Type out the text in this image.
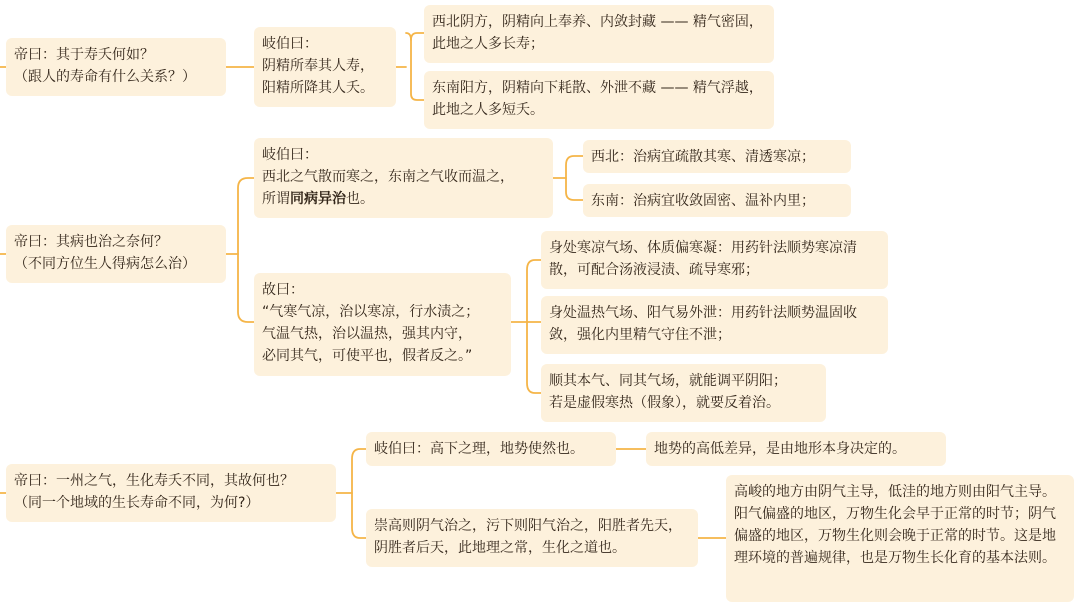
帝曰：其于寿夭何如？
（跟人的寿命有什么关系？）
岐伯曰：
阴精所奉其人寿，
阳精所降其人夭。
西北阴方，阴精向上奉养、内敛封藏 —— 精气密固，此地之人多长寿；
东南阳方，阴精向下耗散、外泄不藏 —— 精气浮越，此地之人多短夭。
帝曰：其病也治之奈何？
（不同方位生人得病怎么治）
岐伯曰：
西北之气散而寒之，东南之气收而温之，
所谓同病异治也。
西北：治病宜疏散其寒、清透寒凉；
东南：治病宜收敛固密、温补内里；
故曰：
“气寒气凉，治以寒凉，行水渍之；
气温气热，治以温热，强其内守，
必同其气，可使平也，假者反之。”
身处寒凉气场、体质偏寒凝：用药针法顺势寒凉清散，可配合汤液浸渍、疏导寒邪；
身处温热气场、阳气易外泄：用药针法顺势温固收敛，强化内里精气守住不泄；
顺其本气、同其气场，就能调平阴阳；
若是虚假寒热（假象），就要反着治。
帝曰：一州之气，生化寿夭不同，其故何也？
（同一个地域的生长寿命不同，为何?）
岐伯曰：高下之理，地势使然也。	地势的高低差异，是由地形本身决定的。
崇高则阴气治之，污下则阳气治之，阳胜者先天，阴胜者后天，此地理之常，生化之道也。
高峻的地方由阴气主导，低洼的地方则由阳气主导。阳气偏盛的地区，万物生化会早于正常的时节；阴气偏盛的地区，万物生化则会晚于正常的时节。这是地理环境的普遍规律，也是万物生长化育的基本法则。
